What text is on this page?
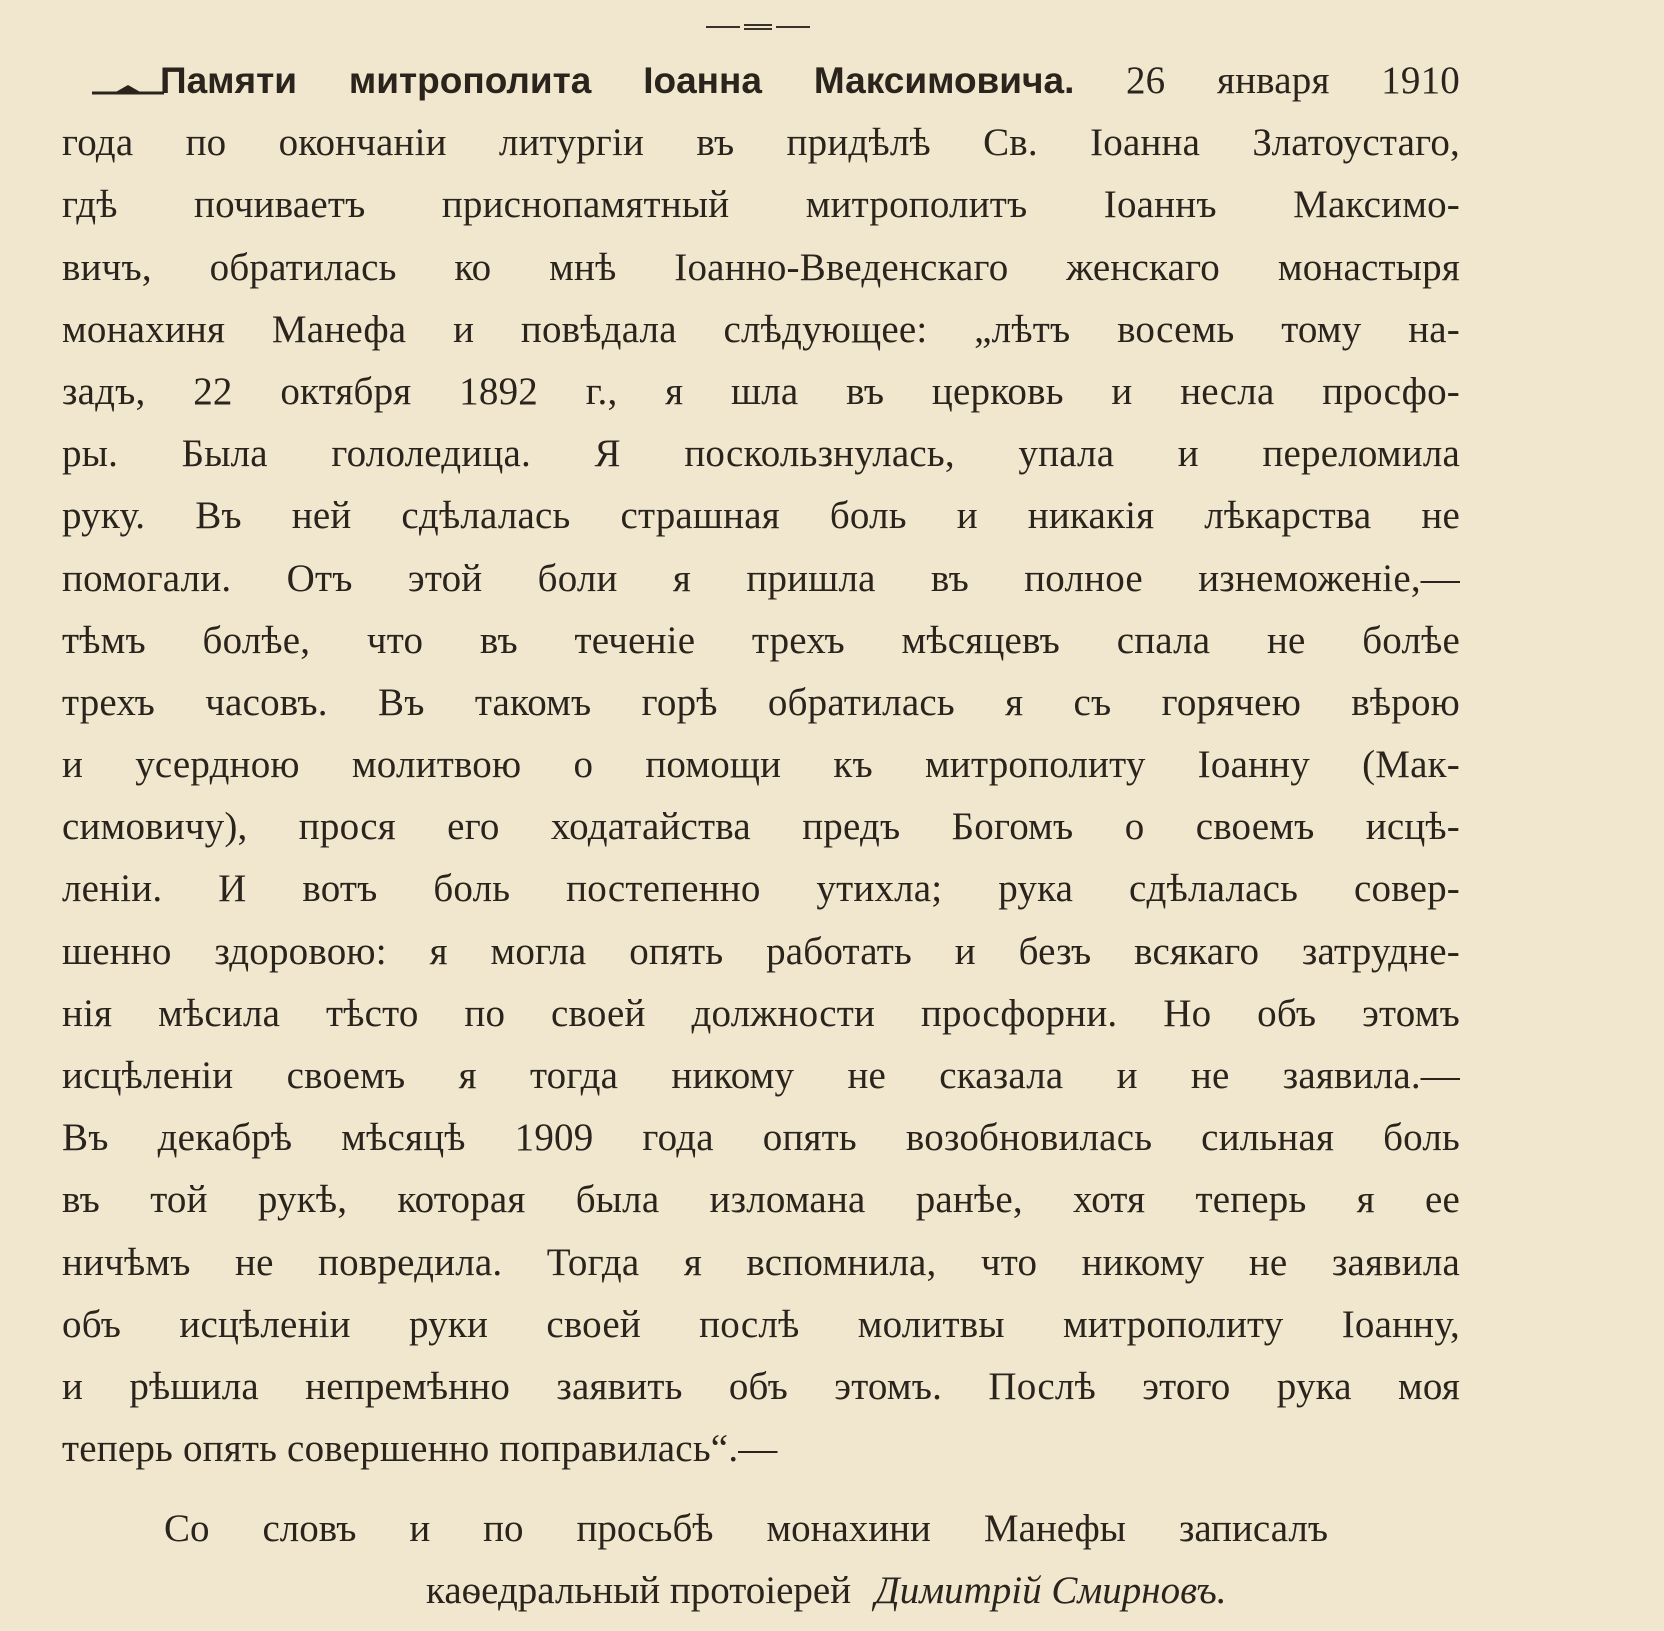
Памяти митрополита Іоанна Максимовича. 26 января 1910
года по окончаніи литургіи въ придѣлѣ Св. Іоанна Златоустаго,
гдѣ почиваетъ приснопамятный митрополитъ Іоаннъ Максимо-
вичъ, обратилась ко мнѣ Іоанно-Введенскаго женскаго монастыря
монахиня Манефа и повѣдала слѣдующее: „лѣтъ восемь тому на-
задъ, 22 октября 1892 г., я шла въ церковь и несла просфо-
ры. Была гололедица. Я поскользнулась, упала и переломила
руку. Въ ней сдѣлалась страшная боль и никакія лѣкарства не
помогали. Отъ этой боли я пришла въ полное изнеможеніе,—
тѣмъ болѣе, что въ теченіе трехъ мѣсяцевъ спала не болѣе
трехъ часовъ. Въ такомъ горѣ обратилась я съ горячею вѣрою
и усердною молитвою о помощи къ митрополиту Іоанну (Мак-
симовичу), прося его ходатайства предъ Богомъ о своемъ исцѣ-
леніи. И вотъ боль постепенно утихла; рука сдѣлалась совер-
шенно здоровою: я могла опять работать и безъ всякаго затрудне-
нія мѣсила тѣсто по своей должности просфорни. Но объ этомъ
исцѣленіи своемъ я тогда никому не сказала и не заявила.—
Въ декабрѣ мѣсяцѣ 1909 года опять возобновилась сильная боль
въ той рукѣ, которая была изломана ранѣе, хотя теперь я ее
ничѣмъ не повредила. Тогда я вспомнила, что никому не заявила
объ исцѣленіи руки своей послѣ молитвы митрополиту Іоанну,
и рѣшила непремѣнно заявить объ этомъ. Послѣ этого рука моя
теперь опять совершенно поправилась“.—
Со словъ и по просьбѣ монахини Манефы записалъ
каѳедральный протоіерей Димитрій Смирновъ.
